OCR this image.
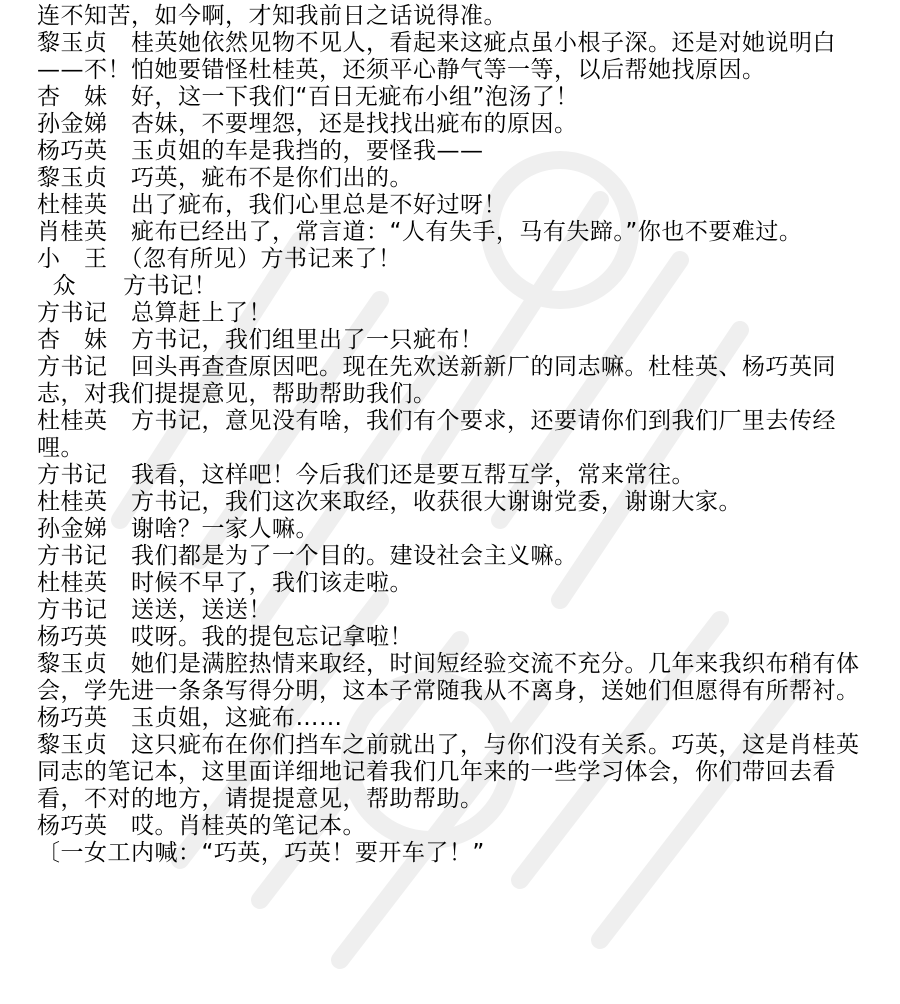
连不知苦，如今啊，才知我前日之话说得准。

黎玉贞　桂英她依然见物不见人，看起来这疵点虽小根子深。还是对她说明白——不！怕她要错怪杜桂英，还须平心静气等一等，以后帮她找原因。

杏　妹　好，这一下我们“百日无疵布小组”泡汤了！

孙金娣　杏妹，不要埋怨，还是找找出疵布的原因。

杨巧英　玉贞姐的车是我挡的，要怪我——

黎玉贞　巧英，疵布不是你们出的。

杜桂英　出了疵布，我们心里总是不好过呀！

肖桂英　疵布已经出了，常言道：“人有失手，马有失蹄。”你也不要难过。

小　王　（忽有所见）方书记来了！

众　　方书记！

方书记　总算赶上了！

杏　妹　方书记，我们组里出了一只疵布！

方书记　回头再查查原因吧。现在先欢送新新厂的同志嘛。杜桂英、杨巧英同志，对我们提提意见，帮助帮助我们。

杜桂英　方书记，意见没有啥，我们有个要求，还要请你们到我们厂里去传经哩。

方书记　我看，这样吧！今后我们还是要互帮互学，常来常往。

杜桂英　方书记，我们这次来取经，收获很大谢谢党委，谢谢大家。

孙金娣　谢啥？一家人嘛。

方书记　我们都是为了一个目的。建设社会主义嘛。

杜桂英　时候不早了，我们该走啦。

方书记　送送，送送！

杨巧英　哎呀。我的提包忘记拿啦！

黎玉贞　她们是满腔热情来取经，时间短经验交流不充分。几年来我织布稍有体会，学先进一条条写得分明，这本子常随我从不离身，送她们但愿得有所帮衬。

杨巧英　玉贞姐，这疵布……

黎玉贞　这只疵布在你们挡车之前就出了，与你们没有关系。巧英，这是肖桂英同志的笔记本，这里面详细地记着我们几年来的一些学习体会，你们带回去看看，不对的地方，请提提意见，帮助帮助。

杨巧英　哎。肖桂英的笔记本。

〔一女工内喊：“巧英，巧英！要开车了！”
